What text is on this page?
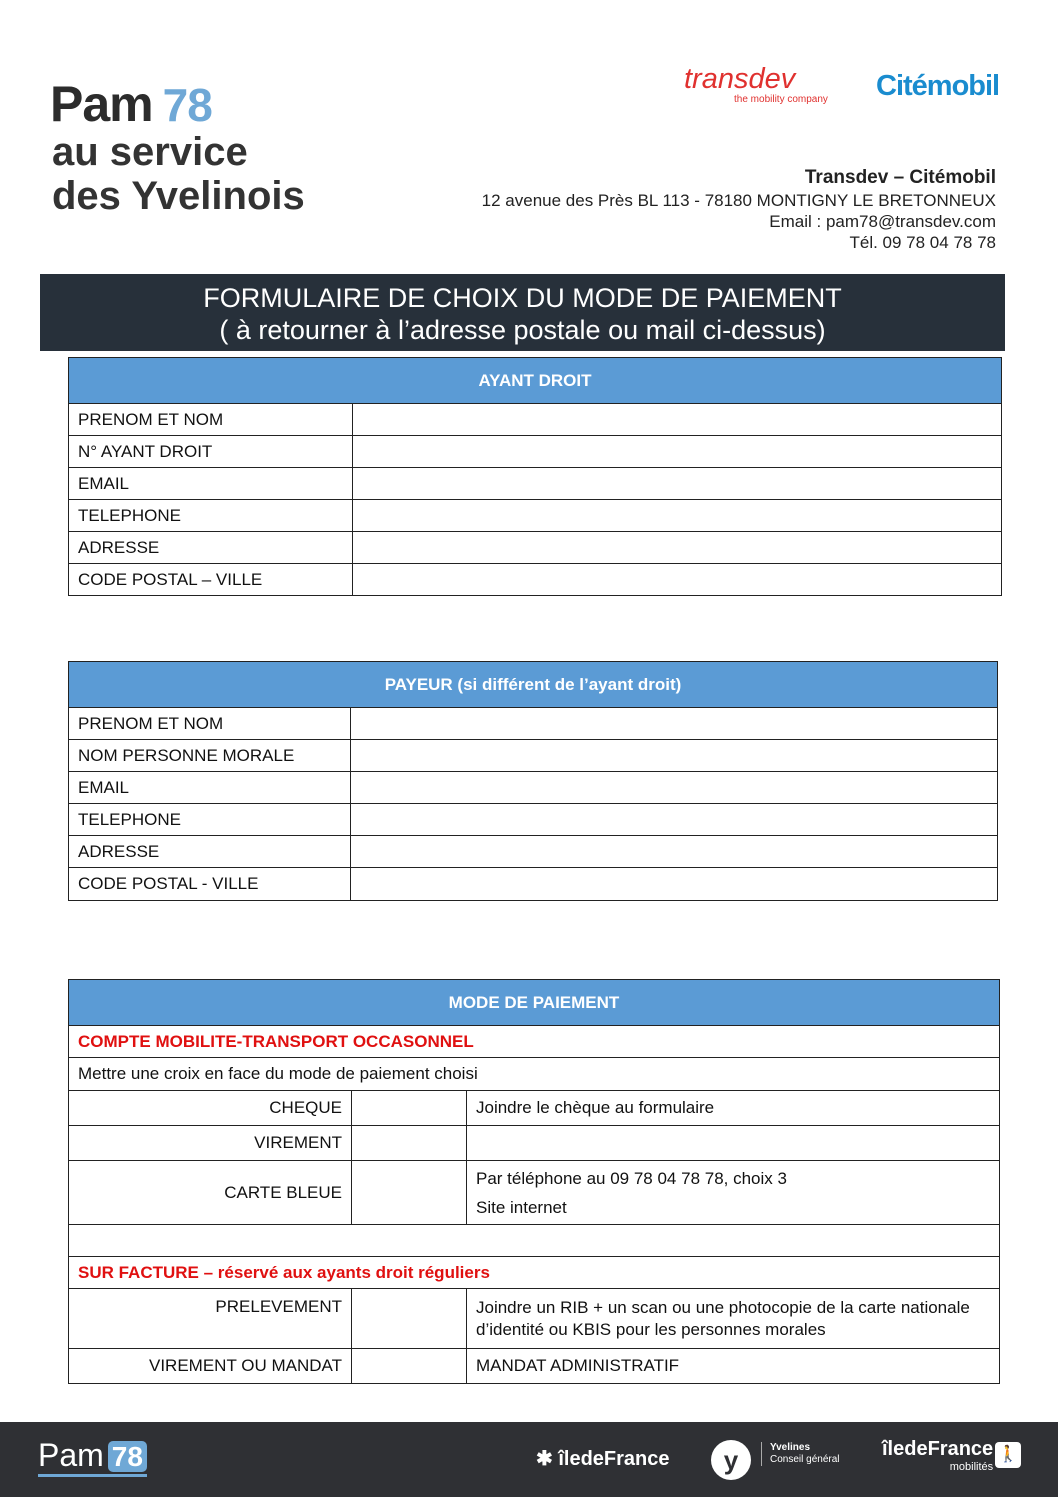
Pam 78
au service
des Yvelinois
transdev
the mobility company Citémobil
Transdev – Citémobil
12 avenue des Près BL 113 - 78180 MONTIGNY LE BRETONNEUX
Email : pam78@transdev.com
Tél. 09 78 04 78 78
FORMULAIRE DE CHOIX DU MODE DE PAIEMENT
( à retourner à l’adresse postale ou mail ci-dessus)
AYANT DROIT	
PRENOM ET NOM	
N° AYANT DROIT	
EMAIL	
TELEPHONE	
ADRESSE	
CODE POSTAL – VILLE	
PAYEUR (si différent de l’ayant droit)	
PRENOM ET NOM	
NOM PERSONNE MORALE	
EMAIL	
TELEPHONE	
ADRESSE	
CODE POSTAL - VILLE	
MODE DE PAIEMENT		
COMPTE MOBILITE-TRANSPORT OCCASONNEL		
Mettre une croix en face du mode de paiement choisi		
CHEQUE		Joindre le chèque au formulaire
VIREMENT		
CARTE BLEUE		Par téléphone au 09 78 04 78 78, choix 3
Site internet

SUR FACTURE – réservé aux ayants droit réguliers		
PRELEVEMENT		Joindre un RIB + un scan ou une photocopie de la carte nationale d’identité ou KBIS pour les personnes morales
VIREMENT OU MANDAT		MANDAT ADMINISTRATIF
Pam 78	✱ îledeFrance	y	Yvelines
Conseil général îledeFrance
mobilités
🚶
